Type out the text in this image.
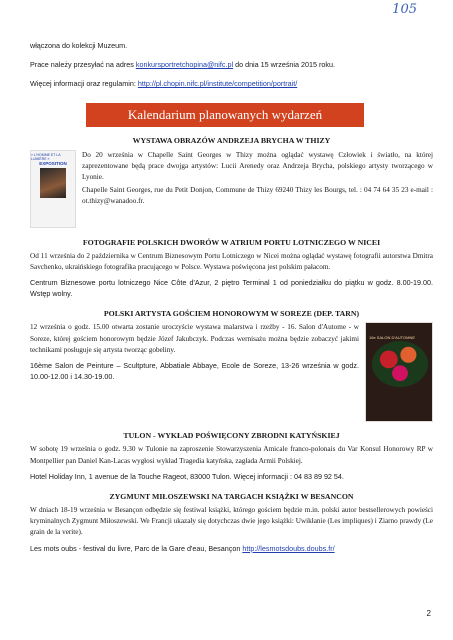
105

włączona do kolekcji Muzeum.

Prace należy przesyłać na adres konkursportretchopina@nifc.pl do dnia 15 września 2015 roku.

Więcej informacji oraz regulamin: http://pl.chopin.nifc.pl/institute/competition/portrait/

Kalendarium planowanych wydarzeń

WYSTAWA OBRAZÓW ANDRZEJA BRYCHA W THIZY

« L'HOMME ET LA LUMIÈRE »
EXPOSITION

Do 20 września w Chapelle Saint Georges w Thizy można oglądać wystawę Człowiek i światło, na której zaprezentowane będą prace dwojga artystów: Lucii Arenedy oraz Andrzeja Brycha, polskiego artysty tworzącego w Lyonie.

Chapelle Saint Georges, rue du Petit Donjon, Commune de Thizy 69240 Thizy les Bourgs, tel. : 04 74 64 35 23 e-mail : ot.thizy@wanadoo.fr.

FOTOGRAFIE POLSKICH DWORÓW W ATRIUM PORTU LOTNICZEGO W NICEI

Od 11 września do 2 października w Centrum Biznesowym Portu Lotniczego w Nicei można oglądać wystawę fotografii autorstwa Dmitra Savchenko, ukraińskiego fotografika pracującego w Polsce. Wystawa poświęcona jest polskim pałacom.

Centrum Biznesowe portu lotniczego Nice Côte d'Azur, 2 piętro Terminal 1 od poniedziałku do piątku w godz. 8.00-19.00. Wstęp wolny.

POLSKI ARTYSTA GOŚCIEM HONOROWYM W SOREZE (DEP. TARN)

12 września o godz. 15.00 otwarta zostanie uroczyście wystawa malarstwa i rzeźby - 16. Salon d'Autome - w Soreze, której gościem honorowym będzie Józef Jakubczyk. Podczas wernisażu można będzie zobaczyć jakimi technikami posługuje się artysta tworząc gobeliny.

16ème Salon de Peinture – Scultpture, Abbatiale Abbaye, Ecole de Soreze, 13-26 września w godz. 10.00-12.00 i 14.30-19.00.

16e SALON D'AUTOMNE

TULON - WYKŁAD POŚWIĘCONY ZBRODNI KATYŃSKIEJ

W sobotę 19 września o godz. 9.30 w Tulonie na zaproszenie Stowarzyszenia Amicale franco-polonais du Var Konsul Honorowy RP w Montpellier pan Daniel Kan-Lacas wygłosi wykład Tragedia katyńska, zagłada Armii Polskiej.

Hotel Holiday Inn, 1 avenue de la Touche Rageot, 83000 Tulon. Więcej informacji : 04 83 89 92 54.

ZYGMUNT MIŁOSZEWSKI NA TARGACH KSIĄŻKI W BESANCON

W dniach 18-19 września w Besançon odbędzie się festiwal książki, którego gościem będzie m.in. polski autor bestsellerowych powieści kryminalnych Zygmunt Miłoszewski. We Francji ukazały się dotychczas dwie jego książki: Uwikłanie (Les impliques) i Ziarno prawdy (Le grain de la verite).

Les mots oubs - festival du livre, Parc de la Gare d'eau, Besançon http://lesmotsdoubs.doubs.fr/

2
